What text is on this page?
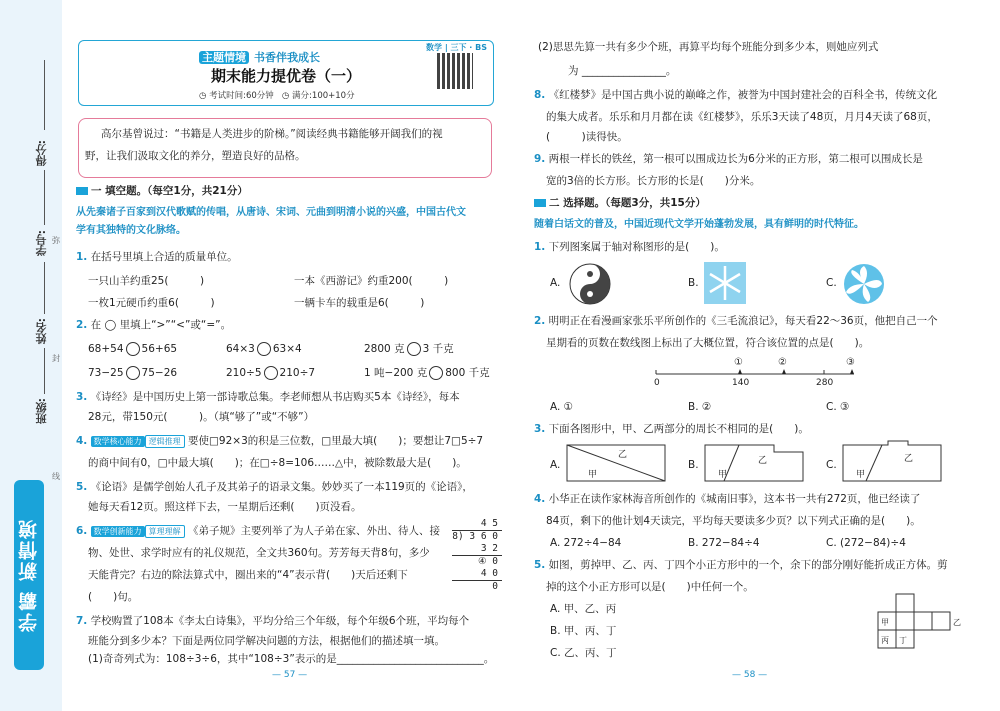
得分:
学号:
姓名:
班级:
弥
封
线
学霸 新情境
主题情境 书香伴我成长
期末能力提优卷（一）
◷ 考试时间:60分钟 ◷ 满分:100+10分
数学 | 三下 · BS
高尔基曾说过：“书籍是人类进步的阶梯。”阅读经典书籍能够开阔我们的视
野，让我们汲取文化的养分，塑造良好的品格。
一 填空题。（每空1分，共21分）
从先秦诸子百家到汉代歌赋的传唱，从唐诗、宋词、元曲到明清小说的兴盛，中国古代文
学有其独特的文化脉络。
1. 在括号里填上合适的质量单位。
一只山羊约重25(　　　)	一本《西游记》约重200(　　　)
一枚1元硬币约重6(　　　)	一辆卡车的载重是6(　　　)
2. 在 ◯ 里填上“>”“<”或“=”。
68+54 56+65	64×3 63×4	2800 克 3 千克
73−25 75−26	210÷5 210÷7	1 吨−200 克 800 千克
3. 《诗经》是中国历史上第一部诗歌总集。李老师想从书店购买5本《诗经》，每本
28元，带150元(　　　)。（填“够了”或“不够”）
4. 数学核心能力 逻辑推理 要使□92×3的积是三位数，□里最大填(　　)；要想让7□5÷7
的商中间有0，□中最大填(　　)；在□÷8=106……△中，被除数最大是(　　)。
5. 《论语》是儒学创始人孔子及其弟子的语录文集。妙妙买了一本119页的《论语》，
她每天看12页。照这样下去，一星期后还剩(　　)页没看。
6. 数学创新能力 算理理解 《弟子规》主要列举了为人子弟在家、外出、待人、接
物、处世、求学时应有的礼仪规范，全文共360句。芳芳每天背8句，多少
天能背完？右边的除法算式中，圈出来的“4”表示背(　　)天后还剩下
(　　)句。
4 5
8) 3 6 0
3 2
④ 0
4 0
0
7. 学校购置了108本《李太白诗集》，平均分给三个年级，每个年级6个班，平均每个
班能分到多少本？下面是两位同学解决问题的方法，根据他们的描述填一填。
(1)奇奇列式为：108÷3÷6，其中“108÷3”表示的是____________________________。
— 57 —
(2)思思先算一共有多少个班，再算平均每个班能分到多少本，则她应列式
为 ________________。
8. 《红楼梦》是中国古典小说的巅峰之作，被誉为中国封建社会的百科全书，传统文化
的集大成者。乐乐和月月都在读《红楼梦》，乐乐3天读了48页，月月4天读了68页，
(　　　)读得快。
9. 两根一样长的铁丝，第一根可以围成边长为6分米的正方形，第二根可以围成长是
宽的3倍的长方形。长方形的长是(　　)分米。
二 选择题。（每题3分，共15分）
随着白话文的普及，中国近现代文学开始蓬勃发展，具有鲜明的时代特征。
1. 下列图案属于轴对称图形的是(　　)。
A.	B.	C.
2. 明明正在看漫画家张乐平所创作的《三毛流浪记》，每天看22～36页，他把自己一个
星期看的页数在数线图上标出了大概位置，符合该位置的点是(　　)。
0	140	280
①	②	③
A. ①	B. ②	C. ③
3. 下面各图形中，甲、乙两部分的周长不相同的是(　　)。
A.
乙
甲
B.	乙
甲
C.	乙
甲
4. 小华正在读作家林海音所创作的《城南旧事》，这本书一共有272页，他已经读了
84页，剩下的他计划4天读完，平均每天要读多少页？以下列式正确的是(　　)。
A. 272÷4−84	B. 272−84÷4	C. (272−84)÷4
5. 如图，剪掉甲、乙、丙、丁四个小正方形中的一个，余下的部分刚好能折成正方体。剪
掉的这个小正方形可以是(　　)中任何一个。
A. 甲、乙、丙
B. 甲、丙、丁
C. 乙、丙、丁
甲	乙
丙 丁
— 58 —
